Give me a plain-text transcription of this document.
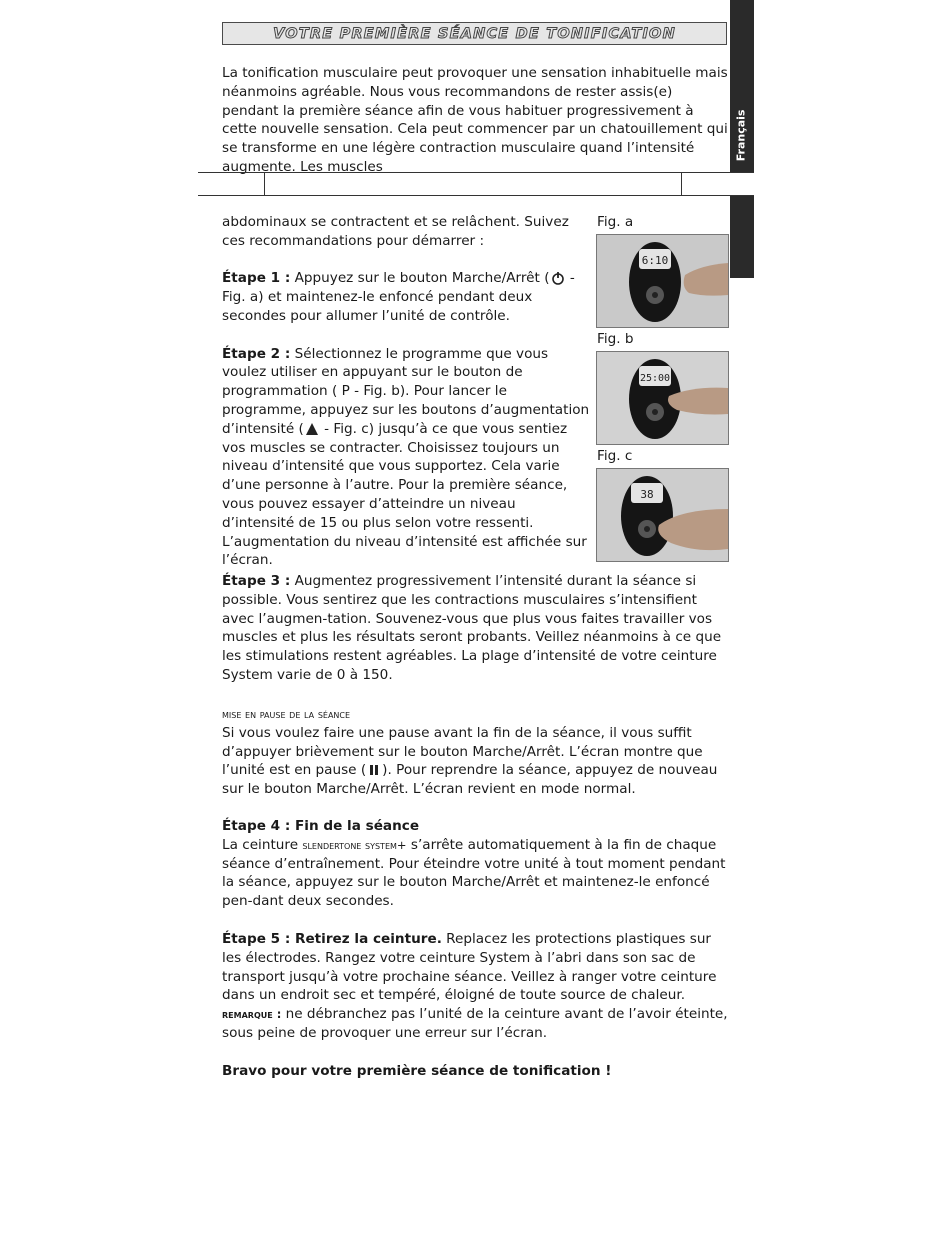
VOTRE PREMIÈRE SÉANCE DE TONIFICATION
Français

La tonification musculaire peut provoquer une sensation inhabituelle mais néanmoins agréable. Nous vous recommandons de rester assis(e) pendant la première séance afin de vous habituer progressivement à cette nouvelle sensation. Cela peut commencer par un chatouillement qui se transforme en une légère contraction musculaire quand l’intensité augmente. Les muscles

abdominaux se contractent et se relâchent. Suivez ces recommandations pour démarrer :

Étape 1 : Appuyez sur le bouton Marche/Arrêt ( - Fig. a) et maintenez-le enfoncé pendant deux secondes pour allumer l’unité de contrôle.

Étape 2 : Sélectionnez le programme que vous voulez utiliser en appuyant sur le bouton de programmation ( P - Fig. b). Pour lancer le programme, appuyez sur les boutons d’augmentation d’intensité ( - Fig. c) jusqu’à ce que vous sentiez vos muscles se contracter. Choisissez toujours un niveau d’intensité que vous supportez. Cela varie d’une personne à l’autre. Pour la première séance, vous pouvez essayer d’atteindre un niveau d’intensité de 15 ou plus selon votre ressenti. L’augmentation du niveau d’intensité est affichée sur l’écran.

Fig. a
6:10
Fig. b
25:00
Fig. c
38

Étape 3 : Augmentez progressivement l’intensité durant la séance si possible. Vous sentirez que les contractions musculaires s’intensifient avec l’augmen-tation. Souvenez-vous que plus vous faites travailler vos muscles et plus les résultats seront probants. Veillez néanmoins à ce que les stimulations restent agréables. La plage d’intensité de votre ceinture System varie de 0 à 150.

mise en pause de la séance

Si vous voulez faire une pause avant la fin de la séance, il vous suffit d’appuyer brièvement sur le bouton Marche/Arrêt. L’écran montre que l’unité est en pause ( ). Pour reprendre la séance, appuyez de nouveau sur le bouton Marche/Arrêt. L’écran revient en mode normal.

Étape 4 : Fin de la séance

La ceinture slendertone system+ s’arrête automatiquement à la fin de chaque séance d’entraînement. Pour éteindre votre unité à tout moment pendant la séance, appuyez sur le bouton Marche/Arrêt et maintenez-le enfoncé pen-dant deux secondes.

Étape 5 : Retirez la ceinture. Replacez les protections plastiques sur les électrodes. Rangez votre ceinture System à l’abri dans son sac de transport jusqu’à votre prochaine séance. Veillez à ranger votre ceinture dans un endroit sec et tempéré, éloigné de toute source de chaleur.

remarque : ne débranchez pas l’unité de la ceinture avant de l’avoir éteinte, sous peine de provoquer une erreur sur l’écran.

Bravo pour votre première séance de tonification !
